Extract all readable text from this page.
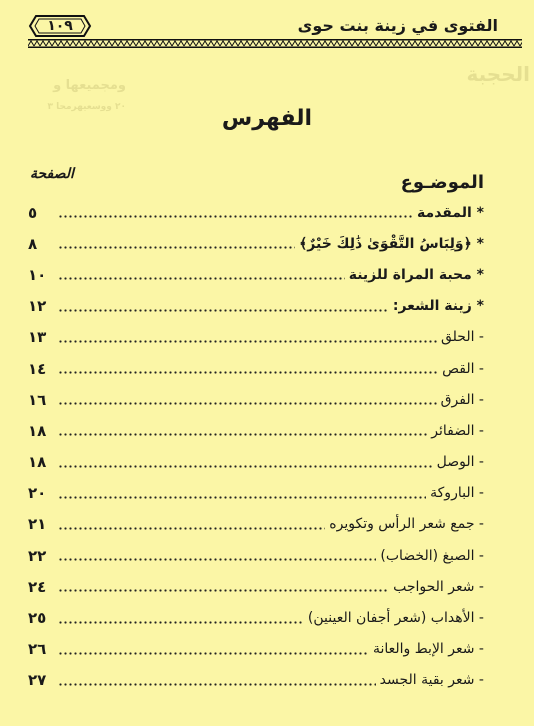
الحجبة
ومجميعها و
٢٠ ووسعيهرمحا ٣
الفتوى في زينة بنت حوى
١٠٩
الفهرس
الموضـوع
الصفحة
* المقدمة
٥
* ﴿وَلِبَاسُ التَّقْوَىٰ ذَٰلِكَ خَيْرٌ﴾
٨
* محبة المراة للزينة
١٠
* زينة الشعر:
١٢
- الحلق
١٣
- القص
١٤
- الفرق
١٦
- الضفائر
١٨
- الوصل
١٨
- الباروكة
٢٠
- جمع شعر الرأس وتكويره
٢١
- الصبغ (الخضاب)
٢٢
- شعر الحواجب
٢٤
- الأهداب (شعر أجفان العينين)
٢٥
- شعر الإبط والعانة
٢٦
- شعر بقية الجسد
٢٧
